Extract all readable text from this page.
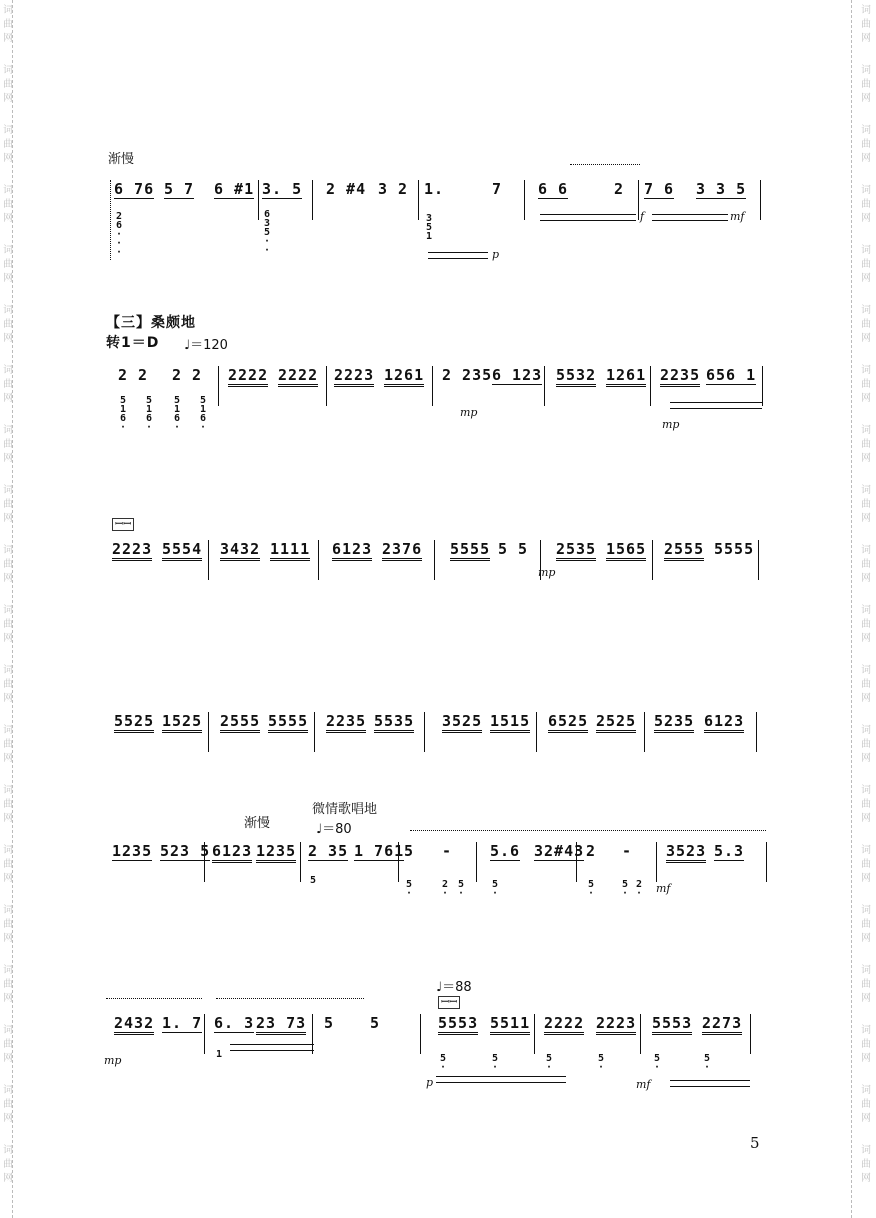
词
曲
网
词
曲
网
词
曲
网
词
曲
网
词
曲
网
词
曲
网
词
曲
网
词
曲
网
词
曲
网
词
曲
网
词
曲
网
词
曲
网
词
曲
网
词
曲
网
词
曲
网
词
曲
网
词
曲
网
词
曲
网
词
曲
网
词
曲
网
词
曲
网
词
曲
网
词
曲
网
词
曲
网
词
曲
网
词
曲
网
词
曲
网
词
曲
网
词
曲
网
词
曲
网
词
曲
网
词
曲
网
词
曲
网
词
曲
网
词
曲
网
词
曲
网
词
曲
网
词
曲
网
词
曲
网
词
曲
网
渐慢
6 76 5 7 6 #1
2
6
·
·
·
3. 5
6
3
5
·
·
2 #4 3 2 1.	7
3
5
1
p
6 6	2 7 6 3 3 5
f	mf
【三】桑颇地
转1＝D ♩＝120
2 2 2 2
5
1
6
·
5
1
6
·
5
1
6
·
5
1
6
·
2222 2222 2223 1261 2 235 6 123
mp
5532 1261 2235 656 1
mp
ꟷꟷ
2223 5554 3432 1111 6123 2376 5555 5 5 2535 1565
mp
2555 5555
5525 1525 2555 5555 2235 5535 3525 1515 6525 2525 5235 6123
渐慢
微情歌唱地
♩＝80
1235 523 5 6123 1235 2 35 1 761
5
5 -
5
·
2
·
5
·
5.6 32#43
5
·
2 -
5
·
5
·
2
·
3523 5.3
mf
♩＝88
ꟷꟷ
2432 1. 7
mp
6. 3 23 73
1
5 5	5553 5511
5
·
5
·
2222 2223
5
·
5
·
5553 2273
5
·
5
·
mf
p
5
